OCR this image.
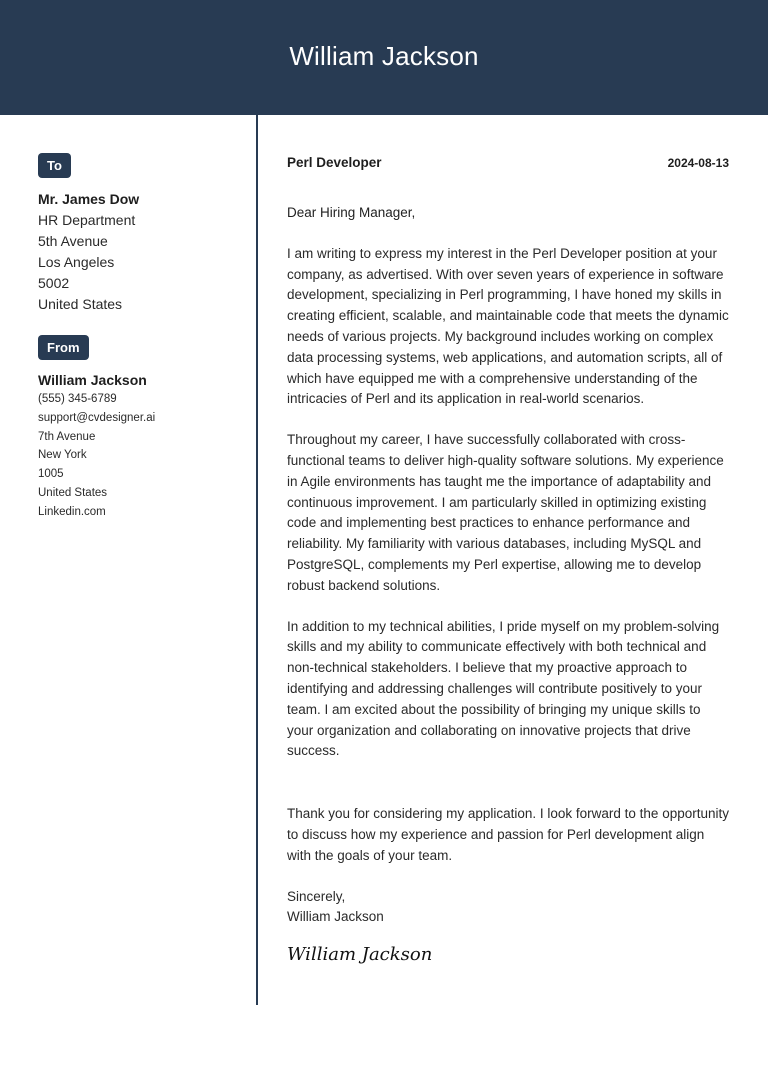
William Jackson
To
Mr. James Dow
HR Department
5th Avenue
Los Angeles
5002
United States
From
William Jackson
(555) 345-6789
support@cvdesigner.ai
7th Avenue
New York
1005
United States
Linkedin.com
Perl Developer	2024-08-13
Dear Hiring Manager,
I am writing to express my interest in the Perl Developer position at your company, as advertised. With over seven years of experience in software development, specializing in Perl programming, I have honed my skills in creating efficient, scalable, and maintainable code that meets the dynamic needs of various projects. My background includes working on complex data processing systems, web applications, and automation scripts, all of which have equipped me with a comprehensive understanding of the intricacies of Perl and its application in real-world scenarios.
Throughout my career, I have successfully collaborated with cross-functional teams to deliver high-quality software solutions. My experience in Agile environments has taught me the importance of adaptability and continuous improvement. I am particularly skilled in optimizing existing code and implementing best practices to enhance performance and reliability. My familiarity with various databases, including MySQL and PostgreSQL, complements my Perl expertise, allowing me to develop robust backend solutions.
In addition to my technical abilities, I pride myself on my problem-solving skills and my ability to communicate effectively with both technical and non-technical stakeholders. I believe that my proactive approach to identifying and addressing challenges will contribute positively to your team. I am excited about the possibility of bringing my unique skills to your organization and collaborating on innovative projects that drive success.
Thank you for considering my application. I look forward to the opportunity to discuss how my experience and passion for Perl development align with the goals of your team.
Sincerely,
William Jackson
William Jackson
